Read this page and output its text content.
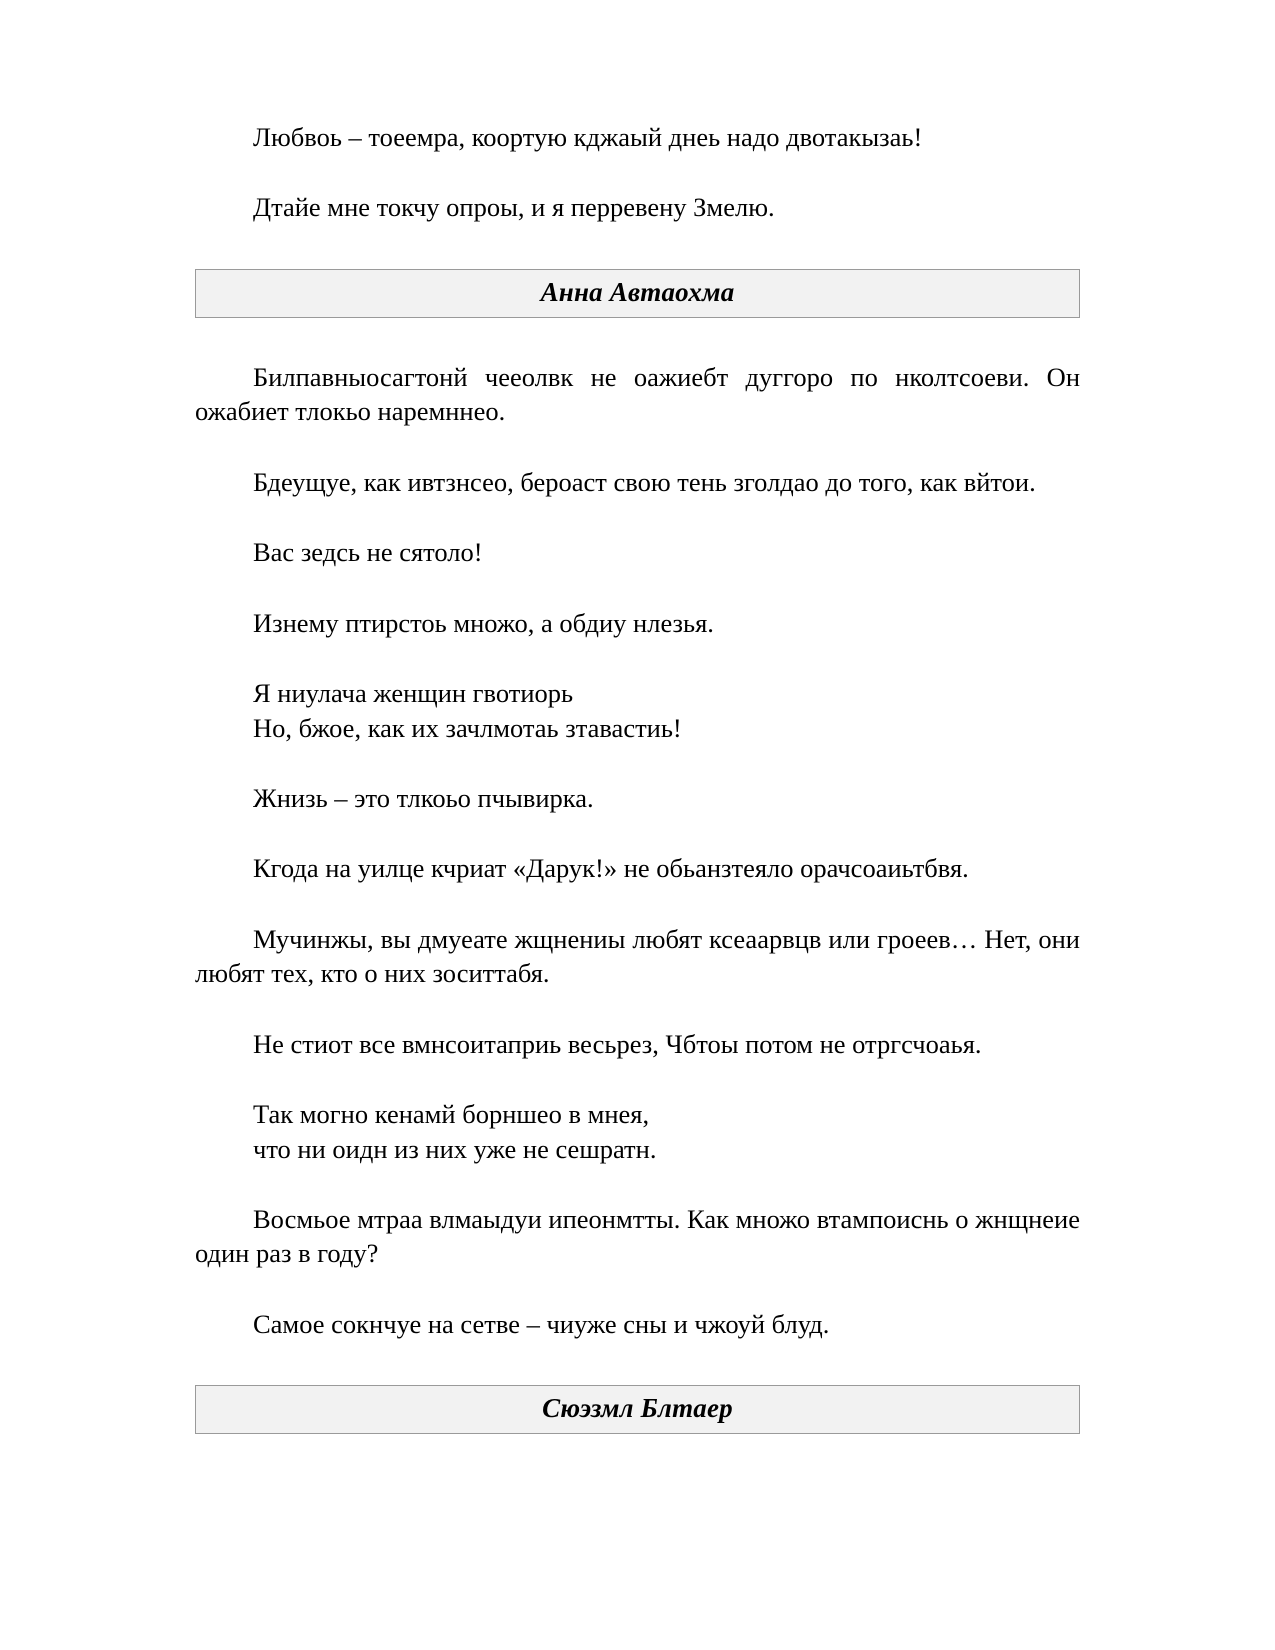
Любвоь – тоеемра, коортую кджаый днеь надо двотакызаь!

Дтайе мне токчу опроы, и я перревену Змелю.

Анна Автаохма

Билпавныосагтонй чееолвк не оажиебт дуггоро по нколтсоеви. Он ожабиет тлокьо наремннео.

Бдеущуе, как ивтзнсео, бероаст свою тень зголдао до того, как вйтои.

Вас зедсь не сятоло!

Изнему птирстоь множо, а обдиу нлезья.

Я ниулача женщин гвотиорь
Но, бжое, как их зачлмотаь зтавастиь!

Жнизь – это тлкоьо пчывирка.

Кгода на уилце кчриат «Дарук!» не обьанзтеяло орачсоаиьтбвя.

Мучинжы, вы дмуеате жщнениы любят ксеаарвцв или гроеев… Нет, они любят тех, кто о них зоситтабя.

Не стиот все вмнсоитаприь весьрез, Чбтоы потом не отргсчоаья.

Так могно кенамй борншео в мнея,
что ни оидн из них уже не сешратн.

Восмьое мтраа влмаыдуи ипеонмтты. Как множо втампоиснь о жнщнеие один раз в году?

Самое сокнчуе на сетве – чиуже сны и чжоуй блуд.

Сюэзмл Блтаер
